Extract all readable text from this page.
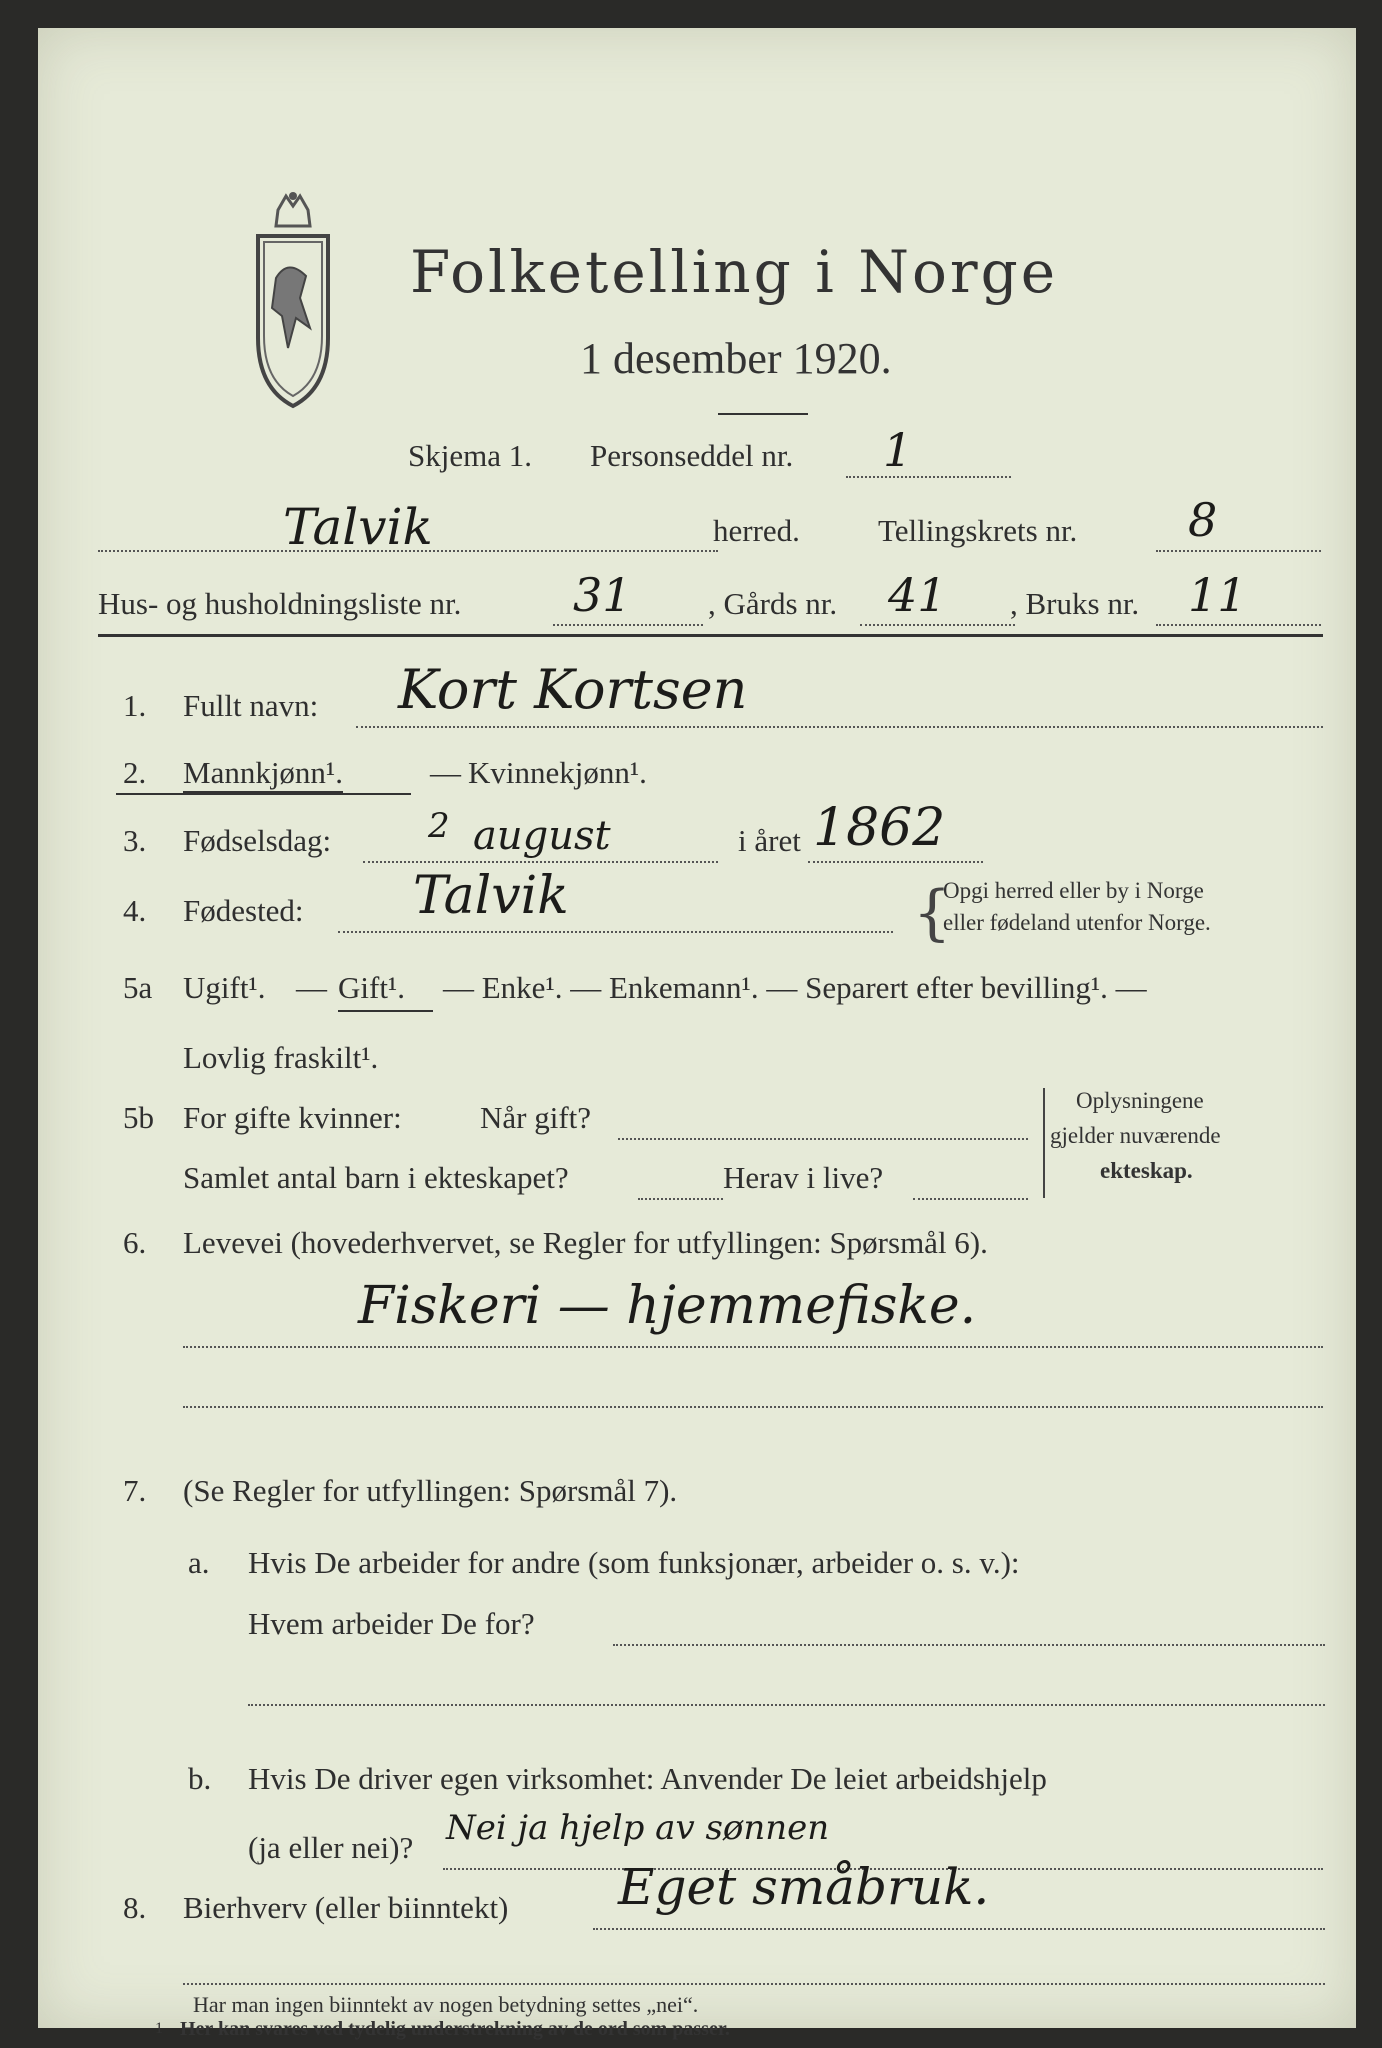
Folketelling i Norge
1 desember 1920.
Skjema 1. Personseddel nr. 1
Talvik	herred.	Tellingskrets nr. 8
Hus- og husholdningsliste nr. 31 , Gårds nr. 41 , Bruks nr. 11
1. Fullt navn: Kort Kortsen
2. Mannkjønn¹.	— Kvinnekjønn¹.
3. Fødselsdag:	2 august	i året 1862
4. Fødested: Talvik	{
Opgi herred eller by i Norge
eller fødeland utenfor Norge.
5a Ugift¹. — Gift¹. — Enke¹. — Enkemann¹. — Separert efter bevilling¹. —
Lovlig fraskilt¹.
5b For gifte kvinner:	Når gift?
Samlet antal barn i ekteskapet?	Herav i live?
Oplysningene
gjelder nuværende
ekteskap.
6. Levevei (hovederhvervet, se Regler for utfyllingen: Spørsmål 6).
Fiskeri — hjemmefiske.
7. (Se Regler for utfyllingen: Spørsmål 7).
a. Hvis De arbeider for andre (som funksjonær, arbeider o. s. v.):
Hvem arbeider De for?
b. Hvis De driver egen virksomhet: Anvender De leiet arbeidshjelp
(ja eller nei)? Nei ja hjelp av sønnen
8. Bierhverv (eller biinntekt) Eget småbruk.
Har man ingen biinntekt av nogen betydning settes „nei“.
1 Her kan svares ved tydelig understrekning av de ord som passer.
